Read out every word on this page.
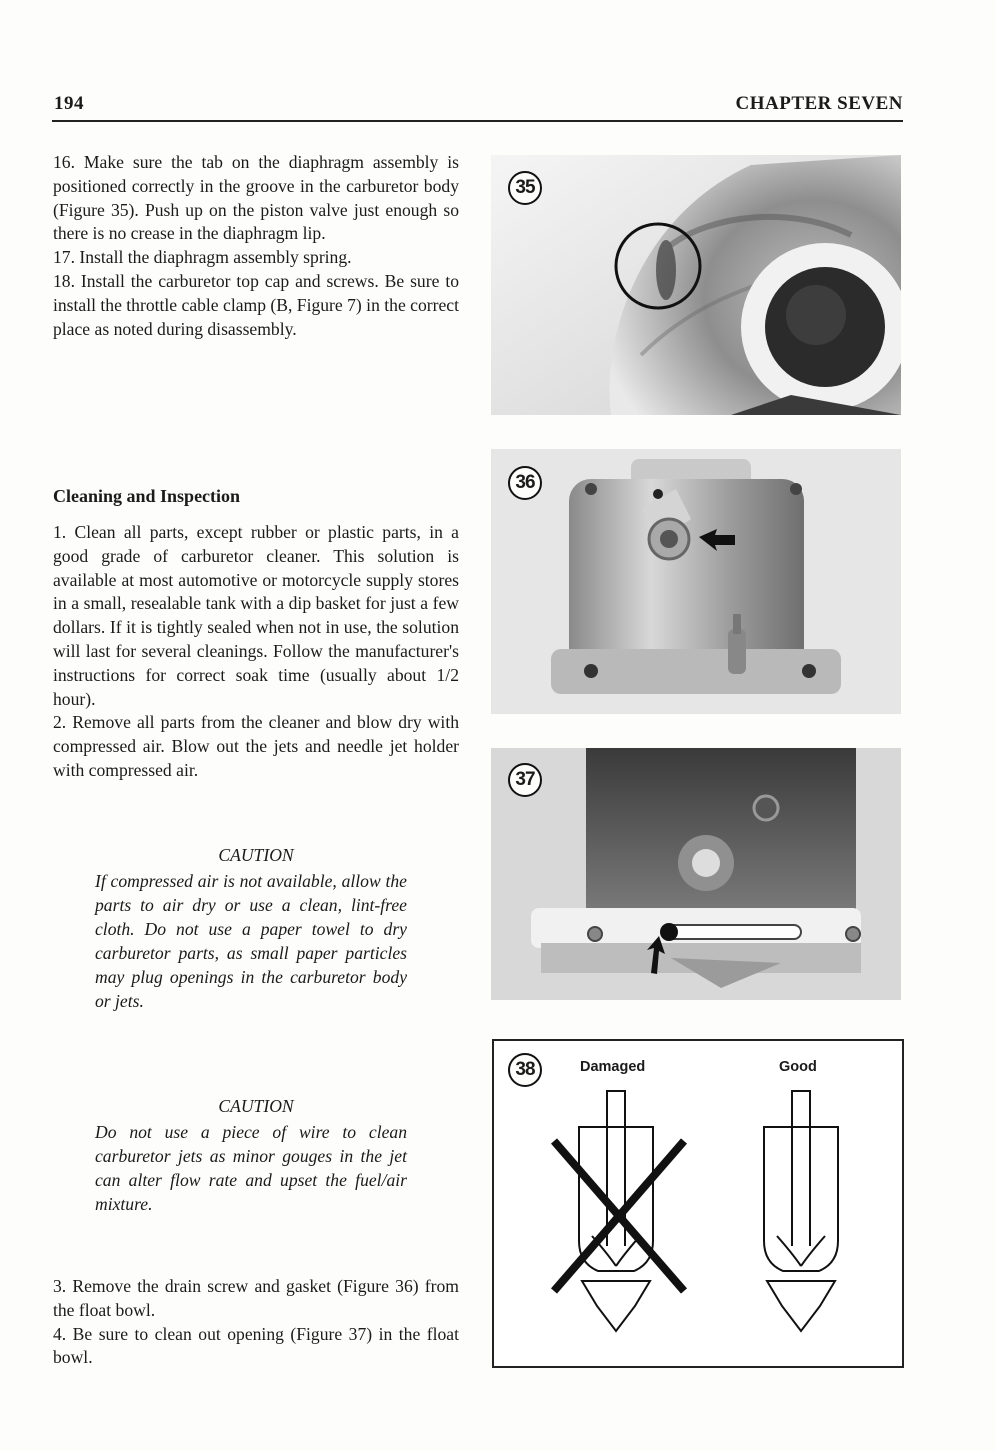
194	CHAPTER SEVEN

16. Make sure the tab on the diaphragm assembly is positioned correctly in the groove in the carburetor body (Figure 35). Push up on the piston valve just enough so there is no crease in the diaphragm lip.

17. Install the diaphragm assembly spring.

18. Install the carburetor top cap and screws. Be sure to install the throttle cable clamp (B, Figure 7) in the correct place as noted during disassembly.

Cleaning and Inspection

1. Clean all parts, except rubber or plastic parts, in a good grade of carburetor cleaner. This solution is available at most automotive or motorcycle supply stores in a small, resealable tank with a dip basket for just a few dollars. If it is tightly sealed when not in use, the solution will last for several cleanings. Follow the manufacturer's instructions for correct soak time (usually about 1/2 hour).

2. Remove all parts from the cleaner and blow dry with compressed air. Blow out the jets and needle jet holder with compressed air.

CAUTION

If compressed air is not available, allow the parts to air dry or use a clean, lint-free cloth. Do not use a paper towel to dry carburetor parts, as small paper particles may plug openings in the carburetor body or jets.

CAUTION

Do not use a piece of wire to clean carburetor jets as minor gouges in the jet can alter flow rate and upset the fuel/air mixture.

3. Remove the drain screw and gasket (Figure 36) from the float bowl.

4. Be sure to clean out opening (Figure 37) in the float bowl.

35
36
37
38	Damaged	Good
